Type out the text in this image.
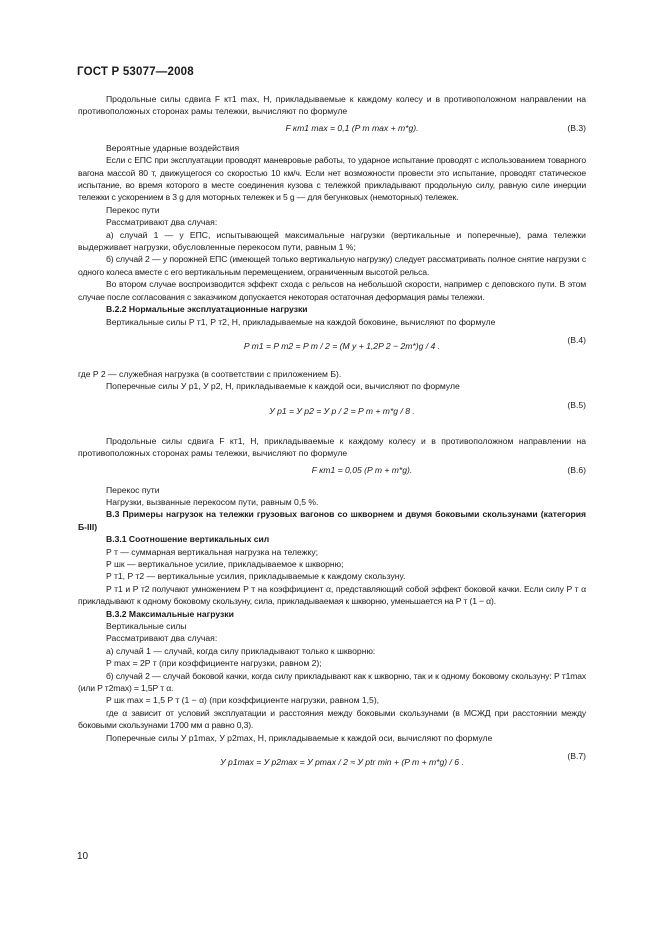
ГОСТ Р 53077—2008

Продольные силы сдвига F кт1 max, Н, прикладываемые к каждому колесу и в противоположном направлении на противоположных сторонах рамы тележки, вычисляют по формуле

F кт1 max = 0,1 (P т max + m*g).	(В.3)

Вероятные ударные воздействия

Если с ЕПС при эксплуатации проводят маневровые работы, то ударное испытание проводят с использованием товарного вагона массой 80 т, движущегося со скоростью 10 км/ч. Если нет возможности провести это испытание, проводят статическое испытание, во время которого в месте соединения кузова с тележкой прикладывают продольную силу, равную силе инерции тележки с ускорением в 3 g для моторных тележек и 5 g — для бегунковых (немоторных) тележек.

Перекос пути

Рассматривают два случая:

а) случай 1 — у ЕПС, испытывающей максимальные нагрузки (вертикальные и поперечные), рама тележки выдерживает нагрузки, обусловленные перекосом пути, равным 1 %;

б) случай 2 — у порожней ЕПС (имеющей только вертикальную нагрузку) следует рассматривать полное снятие нагрузки с одного колеса вместе с его вертикальным перемещением, ограниченным высотой рельса.

Во втором случае воспроизводится эффект схода с рельсов на небольшой скорости, например с деповского пути. В этом случае после согласования с заказчиком допускается некоторая остаточная деформация рамы тележки.

В.2.2 Нормальные эксплуатационные нагрузки

Вертикальные силы P т1, P т2, Н, прикладываемые на каждой боковине, вычисляют по формуле

P т1 = P т2 = P т / 2 = (M у + 1,2P 2 − 2m*)g / 4 .
(В.4)

где P 2 — служебная нагрузка (в соответствии с приложением Б).

Поперечные силы У р1, У р2, Н, прикладываемые к каждой оси, вычисляют по формуле

У р1 = У р2 = У р / 2 = P т + m*g / 8 .
(В.5)

Продольные силы сдвига F кт1, Н, прикладываемые к каждому колесу и в противоположном направлении на противоположных сторонах рамы тележки, вычисляют по формуле

F кт1 = 0,05 (P т + m*g).	(В.6)

Перекос пути

Нагрузки, вызванные перекосом пути, равным 0,5 %.

В.3 Примеры нагрузок на тележки грузовых вагонов со шкворнем и двумя боковыми скользунами (категория Б-III)

В.3.1 Соотношение вертикальных сил

P т — суммарная вертикальная нагрузка на тележку;

P шк — вертикальное усилие, прикладываемое к шкворню;

P т1, P т2 — вертикальные усилия, прикладываемые к каждому скользуну.

P т1 и P т2 получают умножением P т на коэффициент α, представляющий собой эффект боковой качки. Если силу P т α прикладывают к одному боковому скользуну, сила, прикладываемая к шкворню, уменьшается на P т (1 − α).

В.3.2 Максимальные нагрузки

Вертикальные силы

Рассматривают два случая:

а) случай 1 — случай, когда силу прикладывают только к шкворню:

P max = 2P т (при коэффициенте нагрузки, равном 2);

б) случай 2 — случай боковой качки, когда силу прикладывают как к шкворню, так и к одному боковому скользуну: P т1max (или P т2max) = 1,5P т α.

P шк max = 1,5 P т (1 − α) (при коэффициенте нагрузки, равном 1,5),

где α зависит от условий эксплуатации и расстояния между боковыми скользунами (в МСЖД при расстоянии между боковыми скользунами 1700 мм α равно 0,3).

Поперечные силы У р1max, У р2max, Н, прикладываемые к каждой оси, вычисляют по формуле

У р1max = У р2max = У рmax / 2 ≈ У рtr min + (P т + m*g) / 6 .
(В.7)
10
